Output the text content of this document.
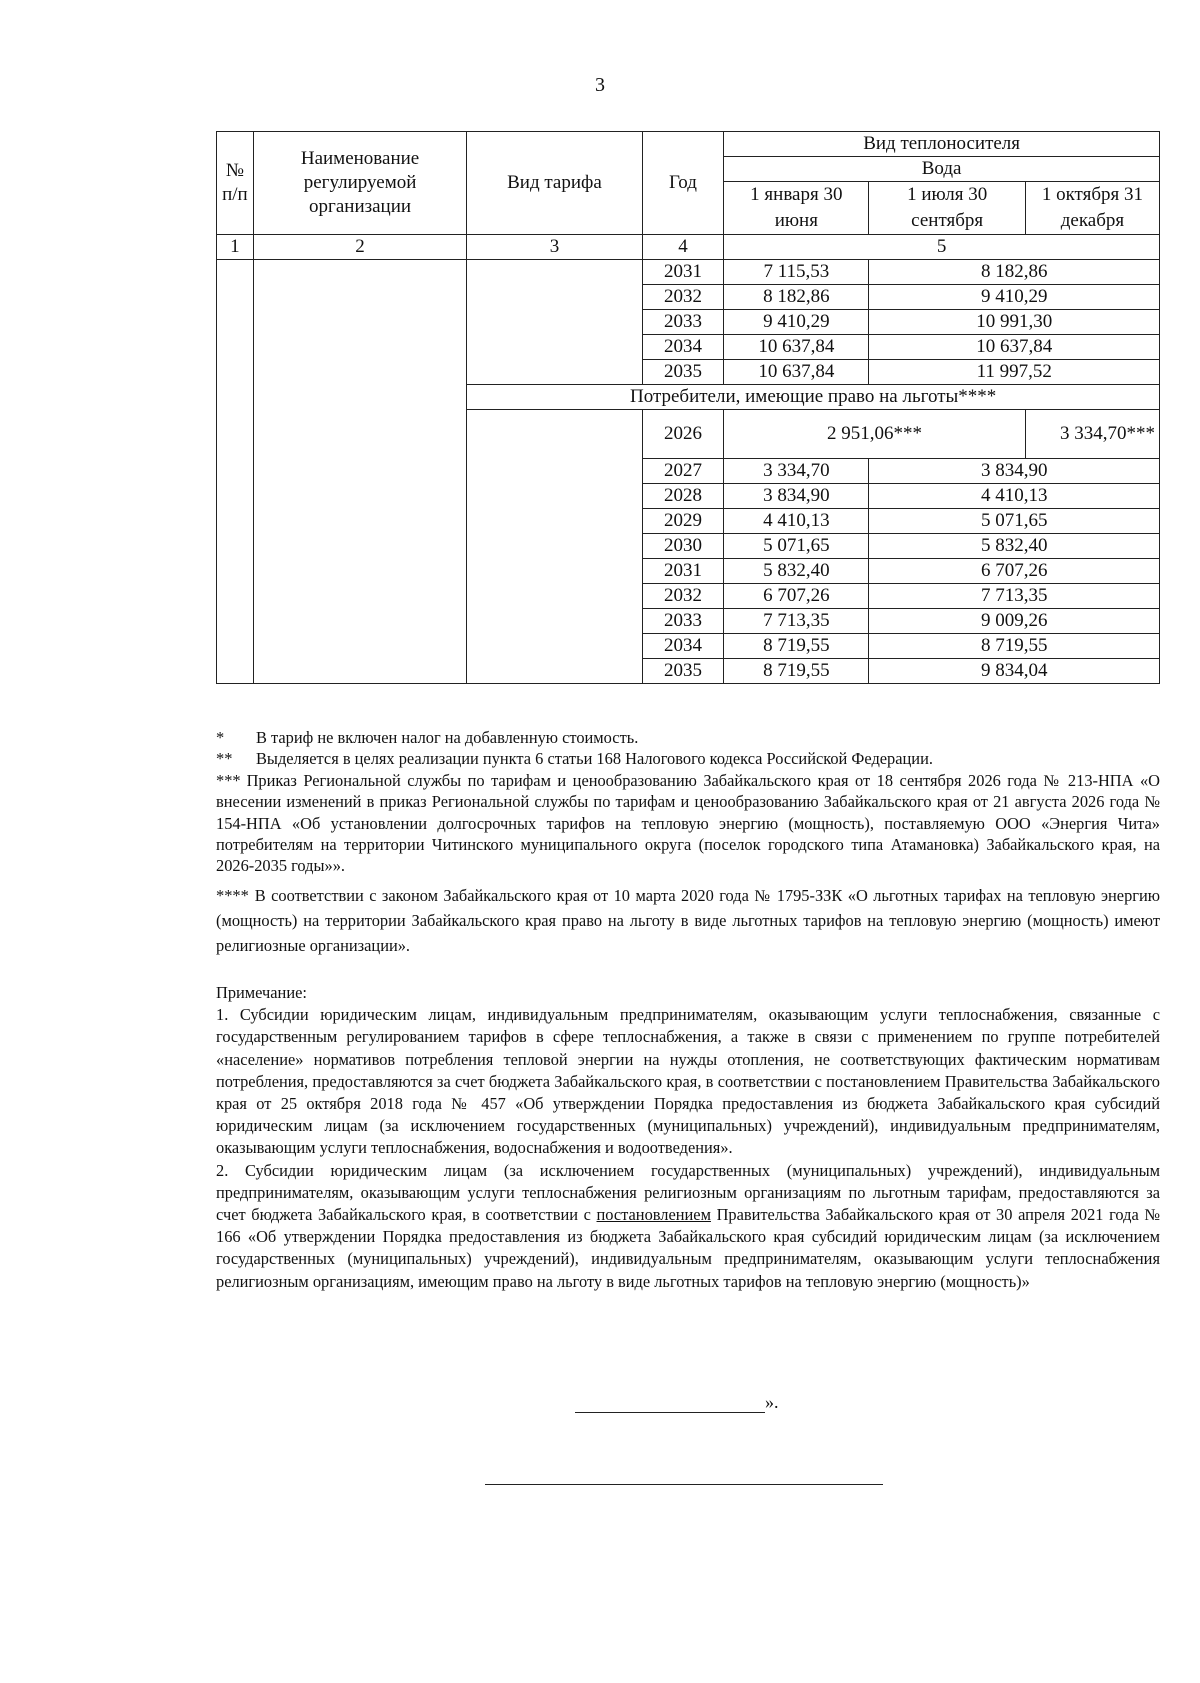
3
№ п/п	Наименование регулируемой организации	Вид тарифа	Год	Вид теплоносителя		
				Вода		
				1 января 30 июня	1 июля 30 сентября	1 октября 31 декабря

1	2	3	4	5		
			2031	7 115,53	8 182,86	
			2032	8 182,86	9 410,29	
			2033	9 410,29	10 991,30	
			2034	10 637,84	10 637,84	
			2035	10 637,84	11 997,52	
		Потребители, имеющие право на льготы****				
			2026	2 951,06***		3 334,70***
			2027	3 334,70	3 834,90	
			2028	3 834,90	4 410,13	
			2029	4 410,13	5 071,65	
			2030	5 071,65	5 832,40	
			2031	5 832,40	6 707,26	
			2032	6 707,26	7 713,35	
			2033	7 713,35	9 009,26	
			2034	8 719,55	8 719,55	
			2035	8 719,55	9 834,04	
* В тариф не включен налог на добавленную стоимость.
** Выделяется в целях реализации пункта 6 статьи 168 Налогового кодекса Российской Федерации.
*** Приказ Региональной службы по тарифам и ценообразованию Забайкальского края от 18 сентября 2026 года № 213-НПА «О внесении изменений в приказ Региональной службы по тарифам и ценообразованию Забайкальского края от 21 августа 2026 года № 154-НПА «Об установлении долгосрочных тарифов на тепловую энергию (мощность), поставляемую ООО «Энергия Чита» потребителям на территории Читинского муниципального округа (поселок городского типа Атамановка) Забайкальского края, на 2026-2035 годы»».
**** В соответствии с законом Забайкальского края от 10 марта 2020 года № 1795-ЗЗК «О льготных тарифах на тепловую энергию (мощность) на территории Забайкальского края право на льготу в виде льготных тарифов на тепловую энергию (мощность) имеют религиозные организации».

Примечание:

1. Субсидии юридическим лицам, индивидуальным предпринимателям, оказывающим услуги теплоснабжения, связанные с государственным регулированием тарифов в сфере теплоснабжения, а также в связи с применением по группе потребителей «население» нормативов потребления тепловой энергии на нужды отопления, не соответствующих фактическим нормативам потребления, предоставляются за счет бюджета Забайкальского края, в соответствии с постановлением Правительства Забайкальского края от 25 октября 2018 года № 457 «Об утверждении Порядка предоставления из бюджета Забайкальского края субсидий юридическим лицам (за исключением государственных (муниципальных) учреждений), индивидуальным предпринимателям, оказывающим услуги теплоснабжения, водоснабжения и водоотведения».

2. Субсидии юридическим лицам (за исключением государственных (муниципальных) учреждений), индивидуальным предпринимателям, оказывающим услуги теплоснабжения религиозным организациям по льготным тарифам, предоставляются за счет бюджета Забайкальского края, в соответствии с постановлением Правительства Забайкальского края от 30 апреля 2021 года № 166 «Об утверждении Порядка предоставления из бюджета Забайкальского края субсидий юридическим лицам (за исключением государственных (муниципальных) учреждений), индивидуальным предпринимателям, оказывающим услуги теплоснабжения религиозным организациям, имеющим право на льготу в виде льготных тарифов на тепловую энергию (мощность)»

».
